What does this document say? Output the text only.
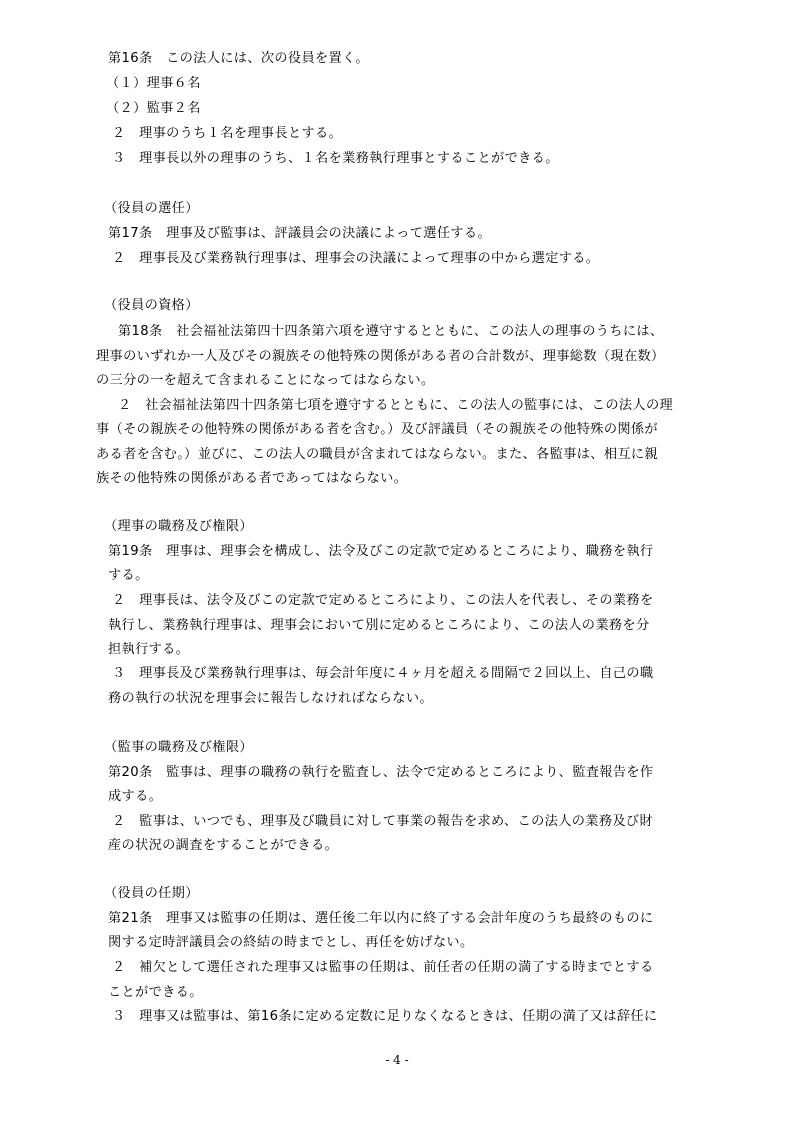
第16条　この法人には、次の役員を置く。
（１）理事６名
（２）監事２名
２　理事のうち１名を理事長とする。
３　理事長以外の理事のうち、１名を業務執行理事とすることができる。
（役員の選任）
第17条　理事及び監事は、評議員会の決議によって選任する。
２　理事長及び業務執行理事は、理事会の決議によって理事の中から選定する。
（役員の資格）
第18条　社会福祉法第四十四条第六項を遵守するとともに、この法人の理事のうちには、
理事のいずれか一人及びその親族その他特殊の関係がある者の合計数が、理事総数（現在数）
の三分の一を超えて含まれることになってはならない。
２　社会福祉法第四十四条第七項を遵守するとともに、この法人の監事には、この法人の理
事（その親族その他特殊の関係がある者を含む。）及び評議員（その親族その他特殊の関係が
ある者を含む。）並びに、この法人の職員が含まれてはならない。また、各監事は、相互に親
族その他特殊の関係がある者であってはならない。
（理事の職務及び権限）
第19条　理事は、理事会を構成し、法令及びこの定款で定めるところにより、職務を執行
する。
２　理事長は、法令及びこの定款で定めるところにより、この法人を代表し、その業務を
執行し、業務執行理事は、理事会において別に定めるところにより、この法人の業務を分
担執行する。
３　理事長及び業務執行理事は、毎会計年度に４ヶ月を超える間隔で２回以上、自己の職
務の執行の状況を理事会に報告しなければならない。
（監事の職務及び権限）
第20条　監事は、理事の職務の執行を監査し、法令で定めるところにより、監査報告を作
成する。
２　監事は、いつでも、理事及び職員に対して事業の報告を求め、この法人の業務及び財
産の状況の調査をすることができる。
（役員の任期）
第21条　理事又は監事の任期は、選任後二年以内に終了する会計年度のうち最終のものに
関する定時評議員会の終結の時までとし、再任を妨げない。
２　補欠として選任された理事又は監事の任期は、前任者の任期の満了する時までとする
ことができる。
３　理事又は監事は、第16条に定める定数に足りなくなるときは、任期の満了又は辞任に
- 4 -
